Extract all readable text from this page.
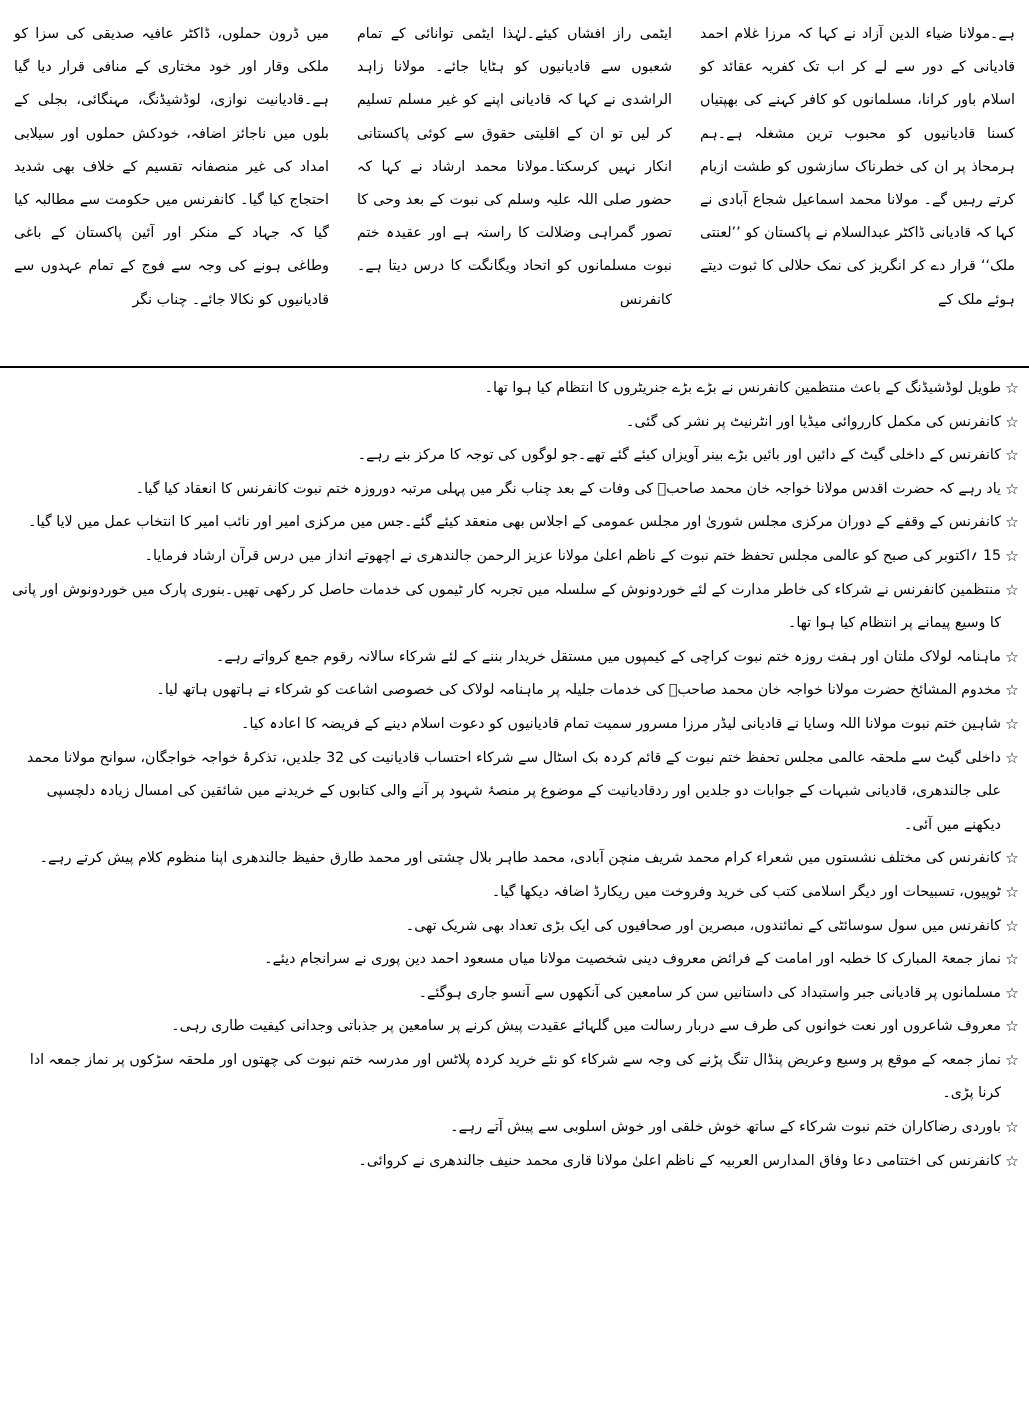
ہے۔مولانا ضیاء الدین آزاد نے کہا کہ مرزا غلام احمد قادیانی کے دور سے لے کر اب تک کفریہ عقائد کو اسلام باور کرانا، مسلمانوں کو کافر کہنے کی بھپتیاں کسنا قادیانیوں کو محبوب ترین مشغلہ ہے۔ہم ہرمحاذ پر ان کی خطرناک سازشوں کو طشت ازبام کرتے رہیں گے۔ مولانا محمد اسماعیل شجاع آبادی نے کہا کہ قادیانی ڈاکٹر عبدالسلام نے پاکستان کو ’’لعنتی ملک‘‘ قرار دے کر انگریز کی نمک حلالی کا ثبوت دیتے ہوئے ملک کے

ایٹمی راز افشاں کیئے۔لہٰذا ایٹمی توانائی کے تمام شعبوں سے قادیانیوں کو ہٹایا جائے۔ مولانا زاہد الراشدی نے کہا کہ قادیانی اپنے کو غیر مسلم تسلیم کر لیں تو ان کے اقلیتی حقوق سے کوئی پاکستانی انکار نہیں کرسکتا۔مولانا محمد ارشاد نے کہا کہ حضور صلی اللہ علیہ وسلم کی نبوت کے بعد وحی کا تصور گمراہی وضلالت کا راستہ ہے اور عقیدہ ختم نبوت مسلمانوں کو اتحاد ویگانگت کا درس دیتا ہے۔ کانفرنس

میں ڈرون حملوں، ڈاکٹر عافیہ صدیقی کی سزا کو ملکی وقار اور خود مختاری کے منافی قرار دیا گیا ہے۔قادیانیت نوازی، لوڈشیڈنگ، مہنگائی، بجلی کے بلوں میں ناجائز اضافہ، خودکش حملوں اور سیلابی امداد کی غیر منصفانہ تقسیم کے خلاف بھی شدید احتجاج کیا گیا۔ کانفرنس میں حکومت سے مطالبہ کیا گیا کہ جہاد کے منکر اور آئین پاکستان کے باغی وطاغی ہونے کی وجہ سے فوج کے تمام عہدوں سے قادیانیوں کو نکالا جائے۔ چناب نگر

☆
طویل لوڈشیڈنگ کے باعث منتظمین کانفرنس نے بڑے بڑے جنریٹروں کا انتظام کیا ہوا تھا۔
☆
کانفرنس کی مکمل کارروائی میڈیا اور انٹرنیٹ پر نشر کی گئی۔
☆
کانفرنس کے داخلی گیٹ کے دائیں اور بائیں بڑے بینر آویزاں کیئے گئے تھے۔جو لوگوں کی توجہ کا مرکز بنے رہے۔
☆
یاد رہے کہ حضرت اقدس مولانا خواجہ خان محمد صاحبؒ کی وفات کے بعد چناب نگر میں پہلی مرتبہ دوروزہ ختم نبوت کانفرنس کا انعقاد کیا گیا۔
☆
کانفرنس کے وقفے کے دوران مرکزی مجلس شوریٰ اور مجلس عمومی کے اجلاس بھی منعقد کیئے گئے۔جس میں مرکزی امیر اور نائب امیر کا انتخاب عمل میں لایا گیا۔
☆
15 ؍اکتوبر کی صبح کو عالمی مجلس تحفظ ختم نبوت کے ناظم اعلیٰ مولانا عزیز الرحمن جالندھری نے اچھوتے انداز میں درس قرآن ارشاد فرمایا۔
☆
منتظمین کانفرنس نے شرکاء کی خاطر مدارت کے لئے خوردونوش کے سلسلہ میں تجربہ کار ٹیموں کی خدمات حاصل کر رکھی تھیں۔بنوری پارک میں خوردونوش اور پانی کا وسیع پیمانے پر انتظام کیا ہوا تھا۔
☆
ماہنامہ لولاک ملتان اور ہفت روزہ ختم نبوت کراچی کے کیمپوں میں مستقل خریدار بننے کے لئے شرکاء سالانہ رقوم جمع کرواتے رہے۔
☆
مخدوم المشائخ حضرت مولانا خواجہ خان محمد صاحبؒ کی خدمات جلیلہ پر ماہنامہ لولاک کی خصوصی اشاعت کو شرکاء نے ہاتھوں ہاتھ لیا۔
☆
شاہین ختم نبوت مولانا اللہ وسایا نے قادیانی لیڈر مرزا مسرور سمیت تمام قادیانیوں کو دعوت اسلام دینے کے فریضہ کا اعادہ کیا۔
☆
داخلی گیٹ سے ملحقہ عالمی مجلس تحفظ ختم نبوت کے قائم کردہ بک اسٹال سے شرکاء احتساب قادیانیت کی 32 جلدیں، تذکرۂ خواجہ خواجگان، سوانح مولانا محمد علی جالندھری، قادیانی شبہات کے جوابات دو جلدیں اور ردقادیانیت کے موضوع پر منصۂ شہود پر آنے والی کتابوں کے خریدنے میں شائقین کی امسال زیادہ دلچسپی دیکھنے میں آئی۔
☆
کانفرنس کی مختلف نشستوں میں شعراء کرام محمد شریف منچن آبادی، محمد طاہر بلال چشتی اور محمد طارق حفیظ جالندھری اپنا منظوم کلام پیش کرتے رہے۔
☆
ٹوپیوں، تسبیحات اور دیگر اسلامی کتب کی خرید وفروخت میں ریکارڈ اضافہ دیکھا گیا۔
☆
کانفرنس میں سول سوسائٹی کے نمائندوں، مبصرین اور صحافیوں کی ایک بڑی تعداد بھی شریک تھی۔
☆
نماز جمعۃ المبارک کا خطبہ اور امامت کے فرائض معروف دینی شخصیت مولانا میاں مسعود احمد دین پوری نے سرانجام دیئے۔
☆
مسلمانوں پر قادیانی جبر واستبداد کی داستانیں سن کر سامعین کی آنکھوں سے آنسو جاری ہوگئے۔
☆
معروف شاعروں اور نعت خوانوں کی طرف سے دربار رسالت میں گلہائے عقیدت پیش کرنے پر سامعین پر جذباتی وجدانی کیفیت طاری رہی۔
☆
نماز جمعہ کے موقع پر وسیع وعریض پنڈال تنگ پڑنے کی وجہ سے شرکاء کو نئے خرید کردہ پلاٹس اور مدرسہ ختم نبوت کی چھتوں اور ملحقہ سڑکوں پر نماز جمعہ ادا کرنا پڑی۔
☆
باوردی رضاکاران ختم نبوت شرکاء کے ساتھ خوش خلقی اور خوش اسلوبی سے پیش آتے رہے۔
☆
کانفرنس کی اختتامی دعا وفاق المدارس العربیہ کے ناظم اعلیٰ مولانا قاری محمد حنیف جالندھری نے کروائی۔
